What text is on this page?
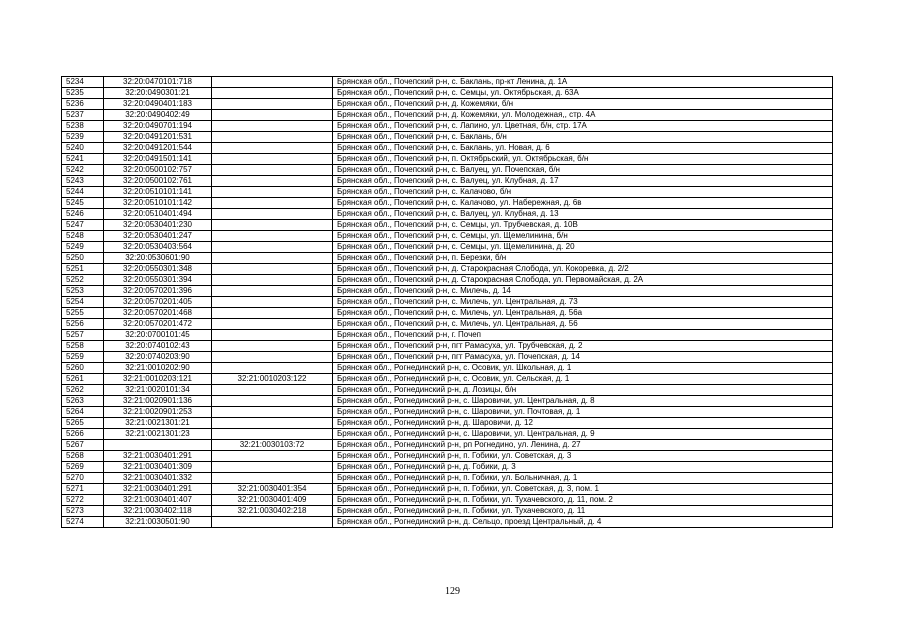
5234	32:20:0470101:718		Брянская обл., Почепский р-н, с. Баклань, пр-кт Ленина, д. 1А
5235	32:20:0490301:21		Брянская обл., Почепский р-н, с. Семцы, ул. Октябрьская, д. 63А
5236	32:20:0490401:183		Брянская обл., Почепский р-н, д. Кожемяки, б/н
5237	32:20:0490402:49		Брянская обл., Почепский р-н, д. Кожемяки, ул. Молодежная,, стр. 4А
5238	32:20:0490701:194		Брянская обл., Почепский р-н, с. Лапино, ул. Цветная, б/н, стр. 17А
5239	32:20:0491201:531		Брянская обл., Почепский р-н, с. Баклань, б/н
5240	32:20:0491201:544		Брянская обл., Почепский р-н, с. Баклань, ул. Новая, д. 6
5241	32:20:0491501:141		Брянская обл., Почепский р-н, п. Октябрьский, ул. Октябрьская, б/н
5242	32:20:0500102:757		Брянская обл., Почепский р-н, с. Валуец, ул. Почепская, б/н
5243	32:20:0500102:761		Брянская обл., Почепский р-н, с. Валуец, ул. Клубная, д. 17
5244	32:20:0510101:141		Брянская обл., Почепский р-н, с. Калачово, б/н
5245	32:20:0510101:142		Брянская обл., Почепский р-н, с. Калачово, ул. Набережная, д. 6в
5246	32:20:0510401:494		Брянская обл., Почепский р-н, с. Валуец, ул. Клубная, д. 13
5247	32:20:0530401:230		Брянская обл., Почепский р-н, с. Семцы, ул. Трубчевская, д. 10В
5248	32:20:0530401:247		Брянская обл., Почепский р-н, с. Семцы, ул. Щемелинина, б/н
5249	32:20:0530403:564		Брянская обл., Почепский р-н, с. Семцы, ул. Щемелинина, д. 20
5250	32:20:0530601:90		Брянская обл., Почепский р-н, п. Березки, б/н
5251	32:20:0550301:348		Брянская обл., Почепский р-н, д. Старокрасная Слобода, ул. Кокоревка, д. 2/2
5252	32:20:0550301:394		Брянская обл., Почепский р-н, д. Старокрасная Слобода, ул. Первомайская, д. 2А
5253	32:20:0570201:396		Брянская обл., Почепский р-н, с. Милечь, д. 14
5254	32:20:0570201:405		Брянская обл., Почепский р-н, с. Милечь, ул. Центральная, д. 73
5255	32:20:0570201:468		Брянская обл., Почепский р-н, с. Милечь, ул. Центральная, д. 56а
5256	32:20:0570201:472		Брянская обл., Почепский р-н, с. Милечь, ул. Центральная, д. 56
5257	32:20:0700101:45		Брянская обл., Почепский р-н, г. Почеп
5258	32:20:0740102:43		Брянская обл., Почепский р-н, пгт Рамасуха, ул. Трубчевская, д. 2
5259	32:20:0740203:90		Брянская обл., Почепский р-н, пгт Рамасуха, ул. Почепская, д. 14
5260	32:21:0010202:90		Брянская обл., Рогнединский р-н, с. Осовик, ул. Школьная, д. 1
5261	32:21:0010203:121	32:21:0010203:122	Брянская обл., Рогнединский р-н, с. Осовик, ул. Сельская, д. 1
5262	32:21:0020101:34		Брянская обл., Рогнединский р-н, д. Лозицы, б/н
5263	32:21:0020901:136		Брянская обл., Рогнединский р-н, с. Шаровичи, ул. Центральная, д. 8
5264	32:21:0020901:253		Брянская обл., Рогнединский р-н, с. Шаровичи, ул. Почтовая, д. 1
5265	32:21:0021301:21		Брянская обл., Рогнединский р-н, д. Шаровичи, д. 12
5266	32:21:0021301:23		Брянская обл., Рогнединский р-н, с. Шаровичи, ул. Центральная, д. 9
5267		32:21:0030103:72	Брянская обл., Рогнединский р-н, рп Рогнедино, ул. Ленина, д. 27
5268	32:21:0030401:291		Брянская обл., Рогнединский р-н, п. Гобики, ул. Советская, д. 3
5269	32:21:0030401:309		Брянская обл., Рогнединский р-н, д. Гобики, д. 3
5270	32:21:0030401:332		Брянская обл., Рогнединский р-н, п. Гобики, ул. Больничная, д. 1
5271	32:21:0030401:291	32:21:0030401:354	Брянская обл., Рогнединский р-н, п. Гобики, ул. Советская, д. 3, пом. 1
5272	32:21:0030401:407	32:21:0030401:409	Брянская обл., Рогнединский р-н, п. Гобики, ул. Тухачевского, д. 11, пом. 2
5273	32:21:0030402:118	32:21:0030402:218	Брянская обл., Рогнединский р-н, п. Гобики, ул. Тухачевского, д. 11
5274	32:21:0030501:90		Брянская обл., Рогнединский р-н, д. Сельцо, проезд Центральный, д. 4
129
